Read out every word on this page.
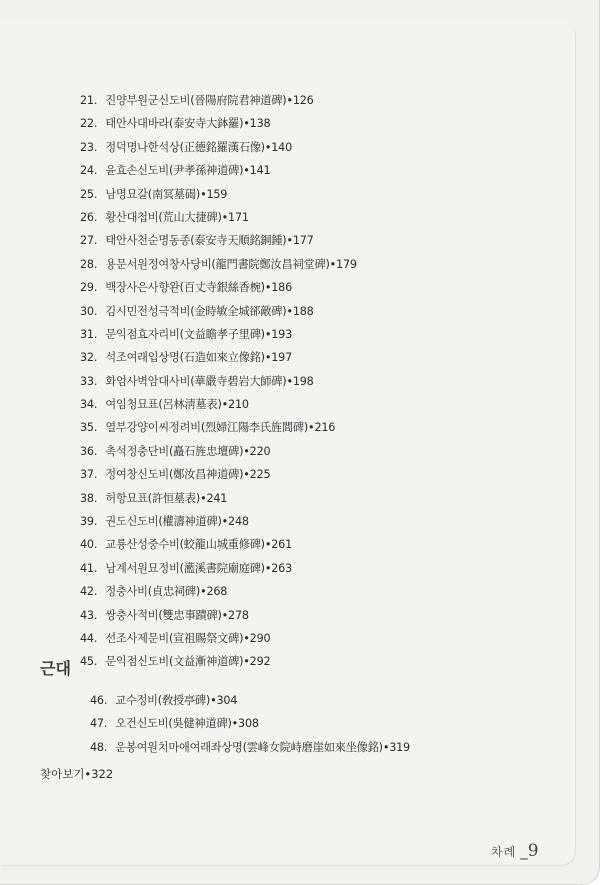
21. 진양부원군신도비(晉陽府院君神道碑)•126
22. 태안사대바라(泰安寺大鉢羅)•138
23. 정덕명나한석상(正德銘羅漢石像)•140
24. 윤효손신도비(尹孝孫神道碑)•141
25. 남명묘갈(南冥墓碣)•159
26. 황산대첩비(荒山大捷碑)•171
27. 태안사천순명동종(泰安寺天順銘銅鍾)•177
28. 용문서원정여창사당비(龍門書院鄭汝昌祠堂碑)•179
29. 백장사은사향완(百丈寺銀絲香椀)•186
30. 김시민전성극적비(金時敏全城郤敵碑)•188
31. 문익점효자리비(文益瞻孝子里碑)•193
32. 석조여래입상명(石造如來立像銘)•197
33. 화엄사벽암대사비(華嚴寺碧岩大師碑)•198
34. 여임청묘표(呂林淸墓表)•210
35. 열부강양이씨정려비(烈婦江陽李氏旌閭碑)•216
36. 촉석정충단비(矗石旌忠壇碑)•220
37. 정여창신도비(鄭汝昌神道碑)•225
38. 허항묘표(許恒墓表)•241
39. 권도신도비(權濤神道碑)•248
40. 교룡산성중수비(蛟龍山城重修碑)•261
41. 남계서원묘정비(灆溪書院廟庭碑)•263
42. 정충사비(貞忠祠碑)•268
43. 쌍충사적비(雙忠事蹟碑)•278
44. 선조사제문비(宣祖賜祭文碑)•290
45. 문익점신도비(文益漸神道碑)•292
근대
46. 교수정비(敎授亭碑)•304
47. 오건신도비(吳健神道碑)•308
48. 운봉여원치마애여래좌상명(雲峰女院峙磨崖如來坐像銘)•319
찾아보기•322
차례 _9
